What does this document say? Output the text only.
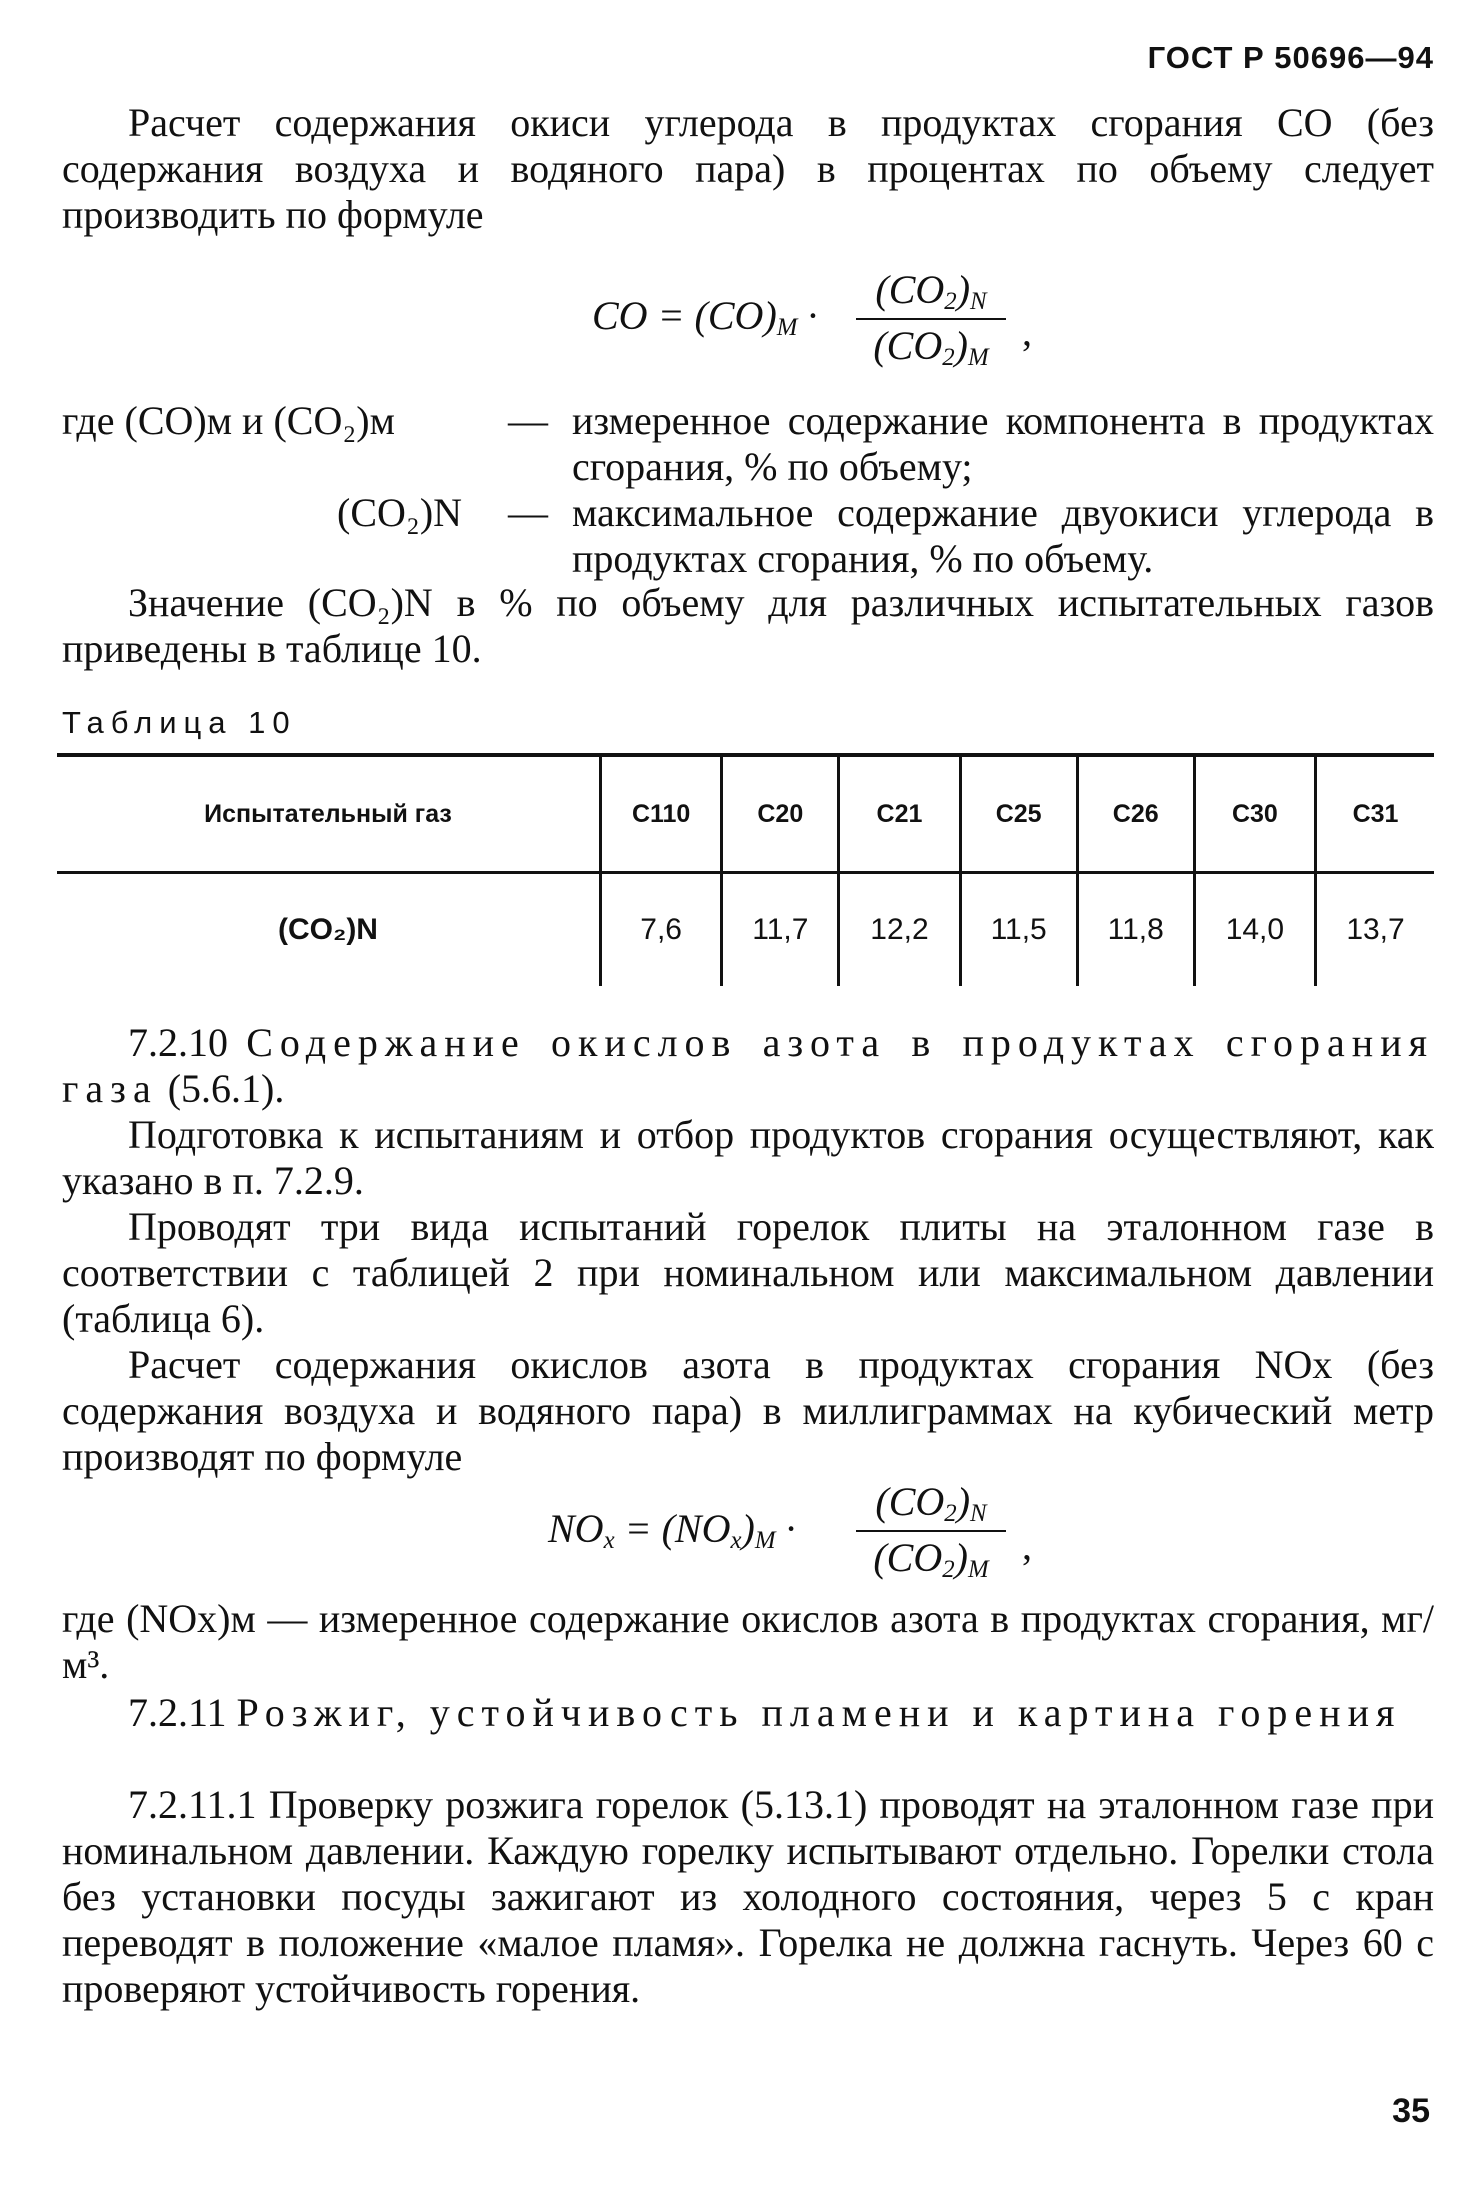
ГОСТ Р 50696—94

Расчет содержания окиси углерода в продуктах сгорания CO (без содержания воздуха и водяного пара) в процентах по объему следует производить по формуле

CO = $(CO)_M \cdot \frac{(CO_2)_N}{(CO_2)_M}$ ,
где (CO)м и (CO₂)м	— измеренное содержание компонента в продуктах сгорания, % по объему;
(CO₂)N — максимальное содержание двуокиси углерода в продуктах сгорания, % по объему.

Значение (CO₂)N в % по объему для различных испытательных газов приведены в таблице 10.

Таблица 10
Испытательный газ	С110	С20	С21	С25	С26	С30	С31
(CO₂)N	7,6	11,7	12,2	11,5	11,8	14,0	13,7

7.2.10 Содержание окислов азота в продуктах сгорания газа (5.6.1).

Подготовка к испытаниям и отбор продуктов сгорания осуществляют, как указано в п. 7.2.9.

Проводят три вида испытаний горелок плиты на эталонном газе в соответствии с таблицей 2 при номинальном или максимальном давлении (таблица 6).

Расчет содержания окислов азота в продуктах сгорания NOx (без содержания воздуха и водяного пара) в миллиграммах на кубический метр производят по формуле

$NO_x = (NO_x)_M \cdot \frac{(CO_2)_N}{(CO_2)_M}$ ,

где (NOx)м — измеренное содержание окислов азота в продуктах сгорания, мг/м³.

7.2.11 Розжиг, устойчивость пламени и картина горения

7.2.11.1 Проверку розжига горелок (5.13.1) проводят на эталонном газе при номинальном давлении. Каждую горелку испытывают отдельно. Горелки стола без установки посуды зажигают из холодного состояния, через 5 с кран переводят в положение «малое пламя». Горелка не должна гаснуть. Через 60 с проверяют устойчивость горения.

35
